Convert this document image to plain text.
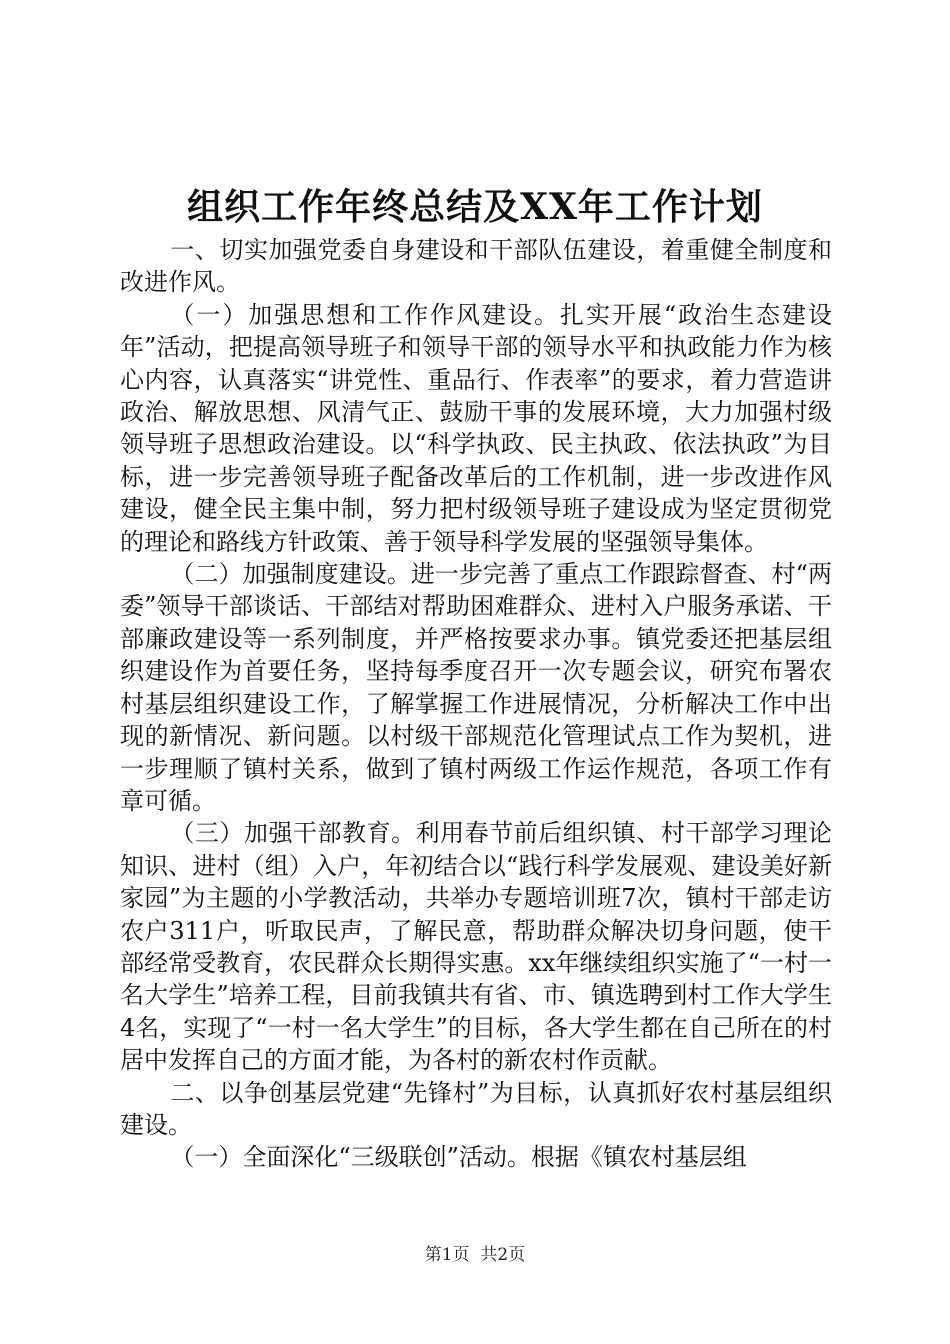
组织工作年终总结及XX年工作计划

一、切实加强党委自身建设和干部队伍建设，着重健全制度和改进作风。

（一）加强思想和工作作风建设。扎实开展“政治生态建设年”活动，把提高领导班子和领导干部的领导水平和执政能力作为核心内容，认真落实“讲党性、重品行、作表率”的要求，着力营造讲政治、解放思想、风清气正、鼓励干事的发展环境，大力加强村级领导班子思想政治建设。以“科学执政、民主执政、依法执政”为目标，进一步完善领导班子配备改革后的工作机制，进一步改进作风建设，健全民主集中制，努力把村级领导班子建设成为坚定贯彻党的理论和路线方针政策、善于领导科学发展的坚强领导集体。

（二）加强制度建设。进一步完善了重点工作跟踪督查、村“两委”领导干部谈话、干部结对帮助困难群众、进村入户服务承诺、干部廉政建设等一系列制度，并严格按要求办事。镇党委还把基层组织建设作为首要任务，坚持每季度召开一次专题会议，研究布署农村基层组织建设工作，了解掌握工作进展情况，分析解决工作中出现的新情况、新问题。以村级干部规范化管理试点工作为契机，进一步理顺了镇村关系，做到了镇村两级工作运作规范，各项工作有章可循。

（三）加强干部教育。利用春节前后组织镇、村干部学习理论知识、进村（组）入户，年初结合以“践行科学发展观、建设美好新家园”为主题的小学教活动，共举办专题培训班7次，镇村干部走访农户311户，听取民声，了解民意，帮助群众解决切身问题，使干部经常受教育，农民群众长期得实惠。xx年继续组织实施了“一村一名大学生”培养工程，目前我镇共有省、市、镇选聘到村工作大学生4名，实现了“一村一名大学生”的目标，各大学生都在自己所在的村居中发挥自己的方面才能，为各村的新农村作贡献。

二、以争创基层党建“先锋村”为目标，认真抓好农村基层组织建设。

（一）全面深化“三级联创”活动。根据《镇农村基层组

第1页 共2页
